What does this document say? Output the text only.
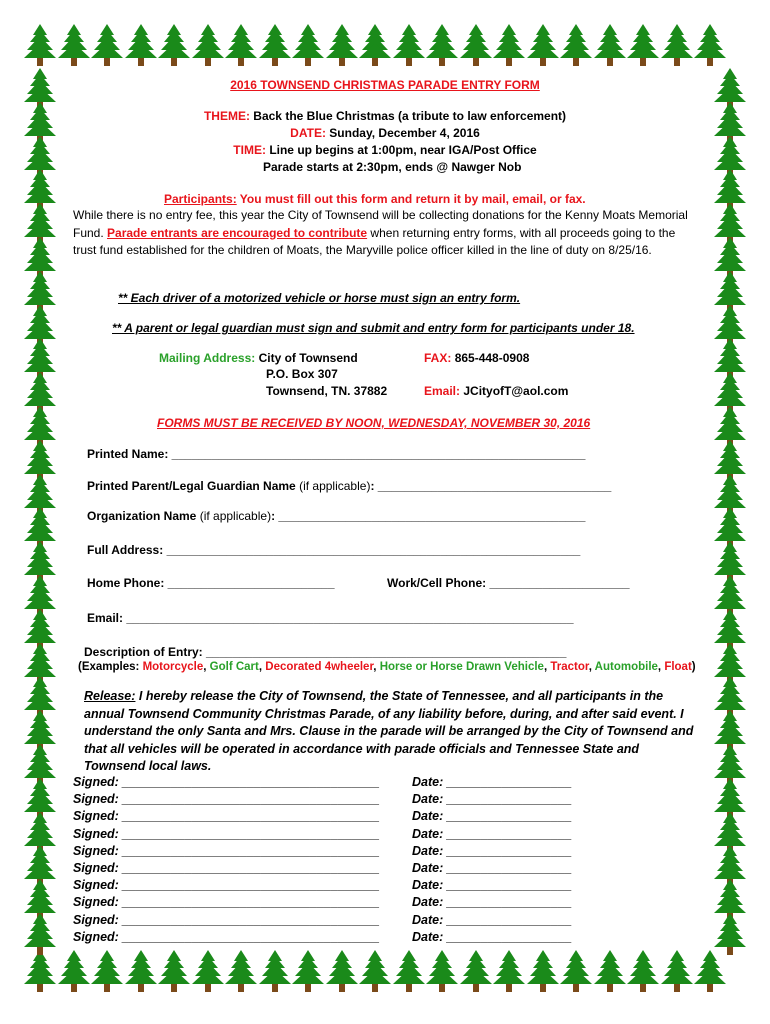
2016 TOWNSEND CHRISTMAS PARADE ENTRY FORM
THEME: Back the Blue Christmas (a tribute to law enforcement)
DATE: Sunday, December 4, 2016
TIME: Line up begins at 1:00pm, near IGA/Post Office
Parade starts at 2:30pm, ends @ Nawger Nob
Participants: You must fill out this form and return it by mail, email, or fax.
While there is no entry fee, this year the City of Townsend will be collecting donations for the Kenny Moats Memorial Fund. Parade entrants are encouraged to contribute when returning entry forms, with all proceeds going to the trust fund established for the children of Moats, the Maryville police officer killed in the line of duty on 8/25/16.
** Each driver of a motorized vehicle or horse must sign an entry form.
** A parent or legal guardian must sign and submit and entry form for participants under 18.
Mailing Address: City of Townsend
P.O. Box 307
Townsend, TN. 37882
FAX: 865-448-0908
Email: JCityofT@aol.com
FORMS MUST BE RECEIVED BY NOON, WEDNESDAY, NOVEMBER 30, 2016
Printed Name: ______________________________________________________________
Printed Parent/Legal Guardian Name (if applicable): ___________________________________
Organization Name (if applicable): ______________________________________________
Full Address: ______________________________________________________________
Home Phone: _________________________	Work/Cell Phone: _____________________
Email: ___________________________________________________________________
Description of Entry: ______________________________________________________
(Examples: Motorcycle, Golf Cart, Decorated 4wheeler, Horse or Horse Drawn Vehicle, Tractor, Automobile, Float)
Release: I hereby release the City of Townsend, the State of Tennessee, and all participants in the annual Townsend Community Christmas Parade, of any liability before, during, and after said event. I understand the only Santa and Mrs. Clause in the parade will be arranged by the City of Townsend and that all vehicles will be operated in accordance with parade officials and Tennessee State and Townsend local laws.
Signed: _____________________________________	Date: __________________
Signed: _____________________________________	Date: __________________
Signed: _____________________________________	Date: __________________
Signed: _____________________________________	Date: __________________
Signed: _____________________________________	Date: __________________
Signed: _____________________________________	Date: __________________
Signed: _____________________________________	Date: __________________
Signed: _____________________________________	Date: __________________
Signed: _____________________________________	Date: __________________
Signed: _____________________________________	Date: __________________
